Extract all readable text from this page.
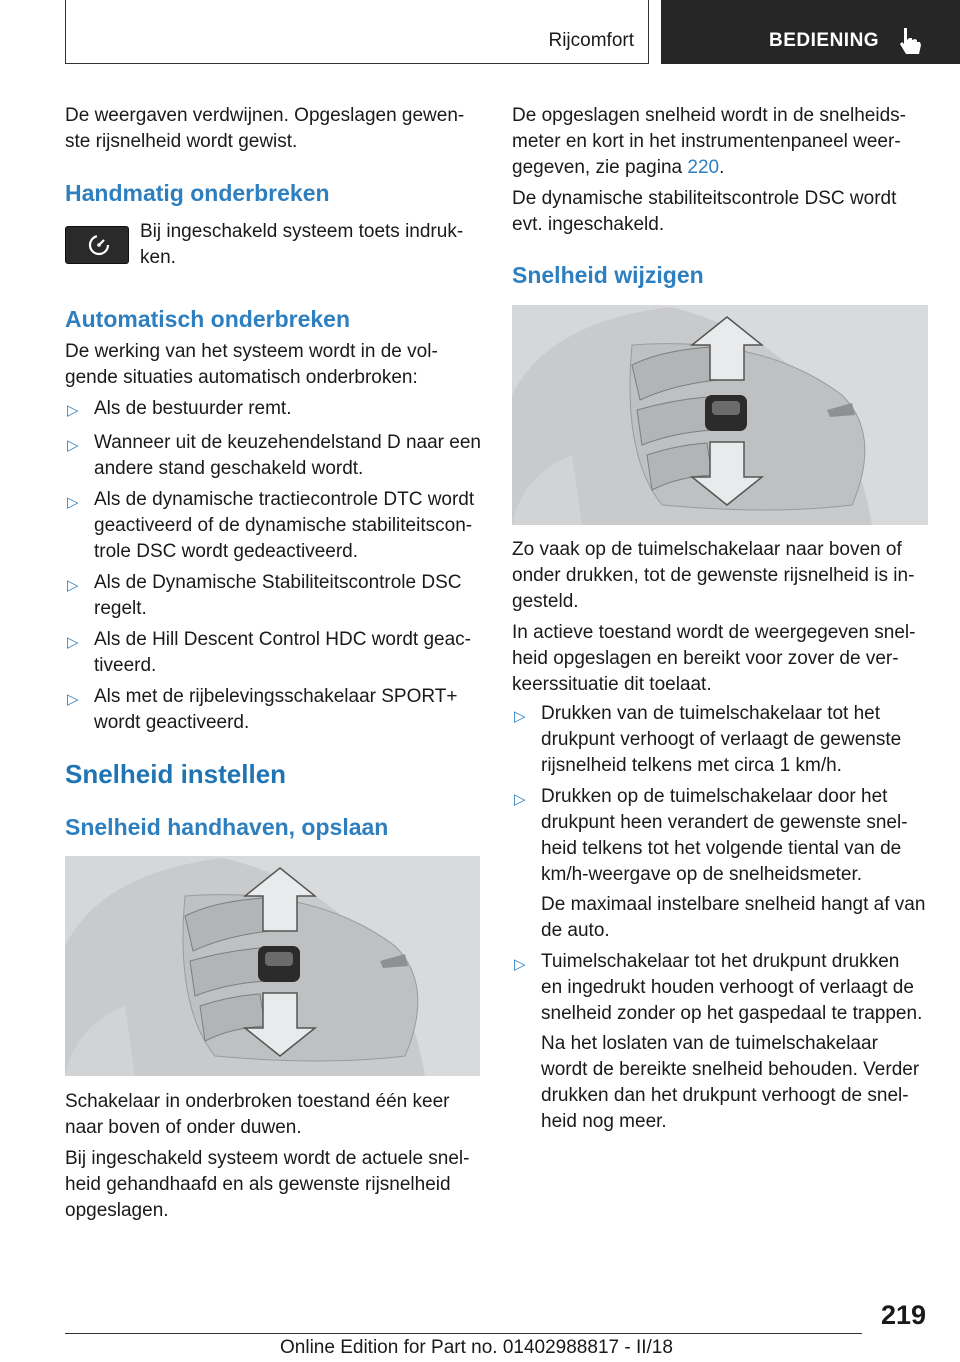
Rijcomfort	BEDIENING

De weergaven verdwijnen. Opgeslagen gewen-
ste rijsnelheid wordt gewist.

Handmatig onderbreken

Bij ingeschakeld systeem toets indruk-
ken.

Automatisch onderbreken

De werking van het systeem wordt in de vol-
gende situaties automatisch onderbroken:

▷ Als de bestuurder remt.

▷ Wanneer uit de keuzehendelstand D naar een
andere stand geschakeld wordt.

▷ Als de dynamische tractiecontrole DTC wordt
geactiveerd of de dynamische stabiliteitscon-
trole DSC wordt gedeactiveerd.

▷ Als de Dynamische Stabiliteitscontrole DSC
regelt.

▷ Als de Hill Descent Control HDC wordt geac-
tiveerd.

▷ Als met de rijbelevingsschakelaar SPORT+
wordt geactiveerd.

Snelheid instellen
Snelheid handhaven, opslaan

Schakelaar in onderbroken toestand één keer
naar boven of onder duwen.

Bij ingeschakeld systeem wordt de actuele snel-
heid gehandhaafd en als gewenste rijsnelheid
opgeslagen.

De opgeslagen snelheid wordt in de snelheids-
meter en kort in het instrumentenpaneel weer-
gegeven, zie pagina 220.

De dynamische stabiliteitscontrole DSC wordt
evt. ingeschakeld.

Snelheid wijzigen

Zo vaak op de tuimelschakelaar naar boven of
onder drukken, tot de gewenste rijsnelheid is in-
gesteld.

In actieve toestand wordt de weergegeven snel-
heid opgeslagen en bereikt voor zover de ver-
keerssituatie dit toelaat.

▷ Drukken van de tuimelschakelaar tot het
drukpunt verhoogt of verlaagt de gewenste
rijsnelheid telkens met circa 1 km/h.

▷ Drukken op de tuimelschakelaar door het
drukpunt heen verandert de gewenste snel-
heid telkens tot het volgende tiental van de
km/h-weergave op de snelheidsmeter.

De maximaal instelbare snelheid hangt af van
de auto.

▷ Tuimelschakelaar tot het drukpunt drukken
en ingedrukt houden verhoogt of verlaagt de
snelheid zonder op het gaspedaal te trappen.

Na het loslaten van de tuimelschakelaar
wordt de bereikte snelheid behouden. Verder
drukken dan het drukpunt verhoogt de snel-
heid nog meer.

219
Online Edition for Part no. 01402988817 - II/18
